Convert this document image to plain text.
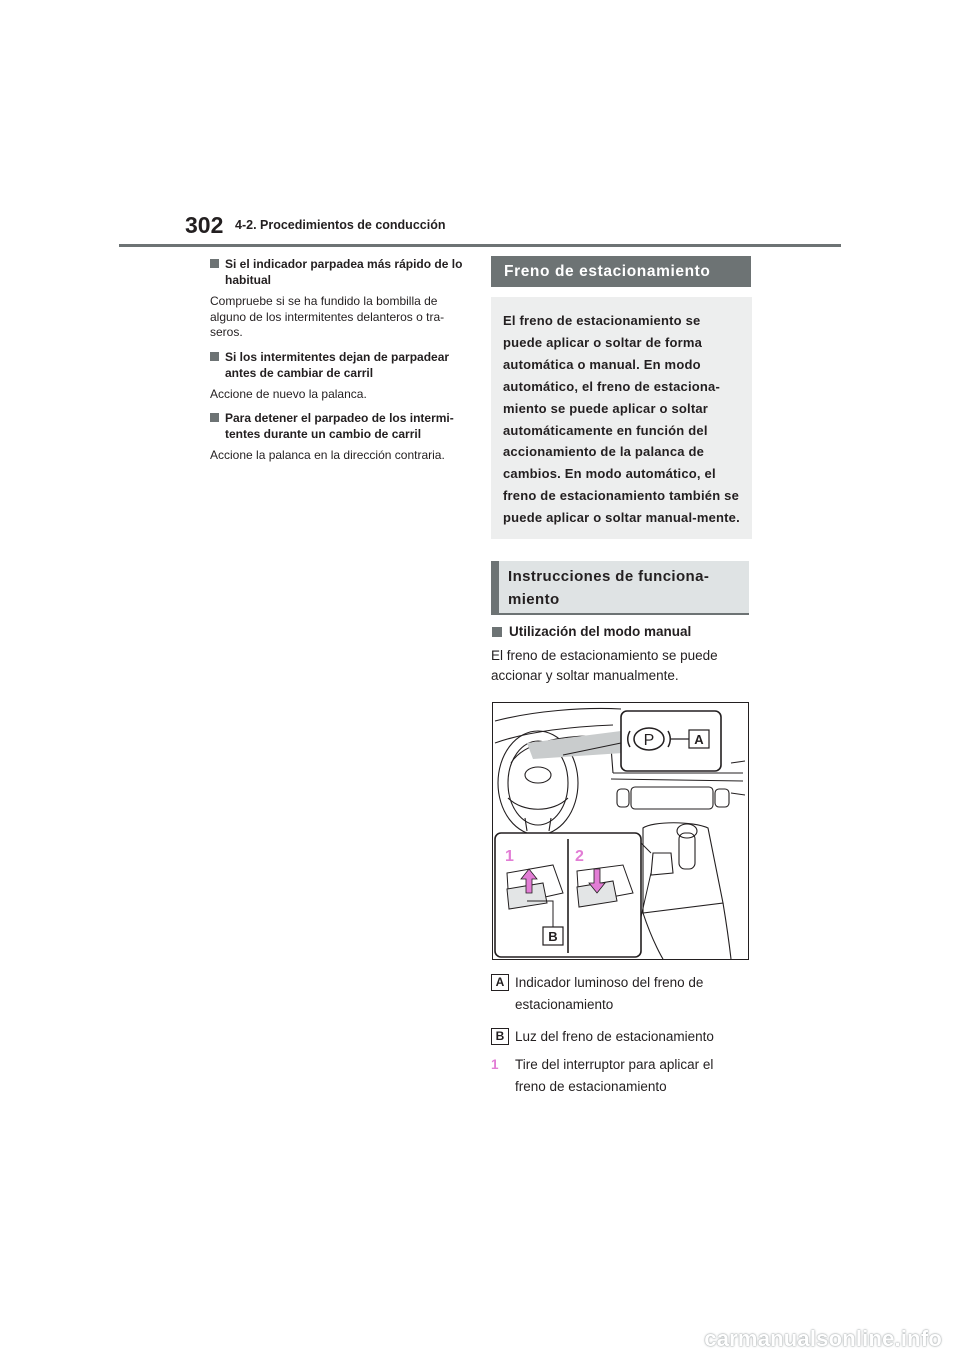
302 4-2. Procedimientos de conducción
Si el indicador parpadea más rápido de lo habitual
Compruebe si se ha fundido la bombilla de alguno de los intermitentes delanteros o tra-seros.
Si los intermitentes dejan de parpadear antes de cambiar de carril
Accione de nuevo la palanca.
Para detener el parpadeo de los intermi-tentes durante un cambio de carril
Accione la palanca en la dirección contraria.
Freno de estacionamiento
El freno de estacionamiento se puede aplicar o soltar de forma automática o manual. En modo automático, el freno de estaciona-miento se puede aplicar o soltar automáticamente en función del accionamiento de la palanca de cambios. En modo automático, el freno de estacionamiento también se puede aplicar o soltar manual-mente.
Instrucciones de funciona-miento
Utilización del modo manual
El freno de estacionamiento se puede accionar y soltar manualmente.
P	A
1	2
B
A Indicador luminoso del freno de estacionamiento
B Luz del freno de estacionamiento
1	Tire del interruptor para aplicar el freno de estacionamiento
carmanualsonline.info
